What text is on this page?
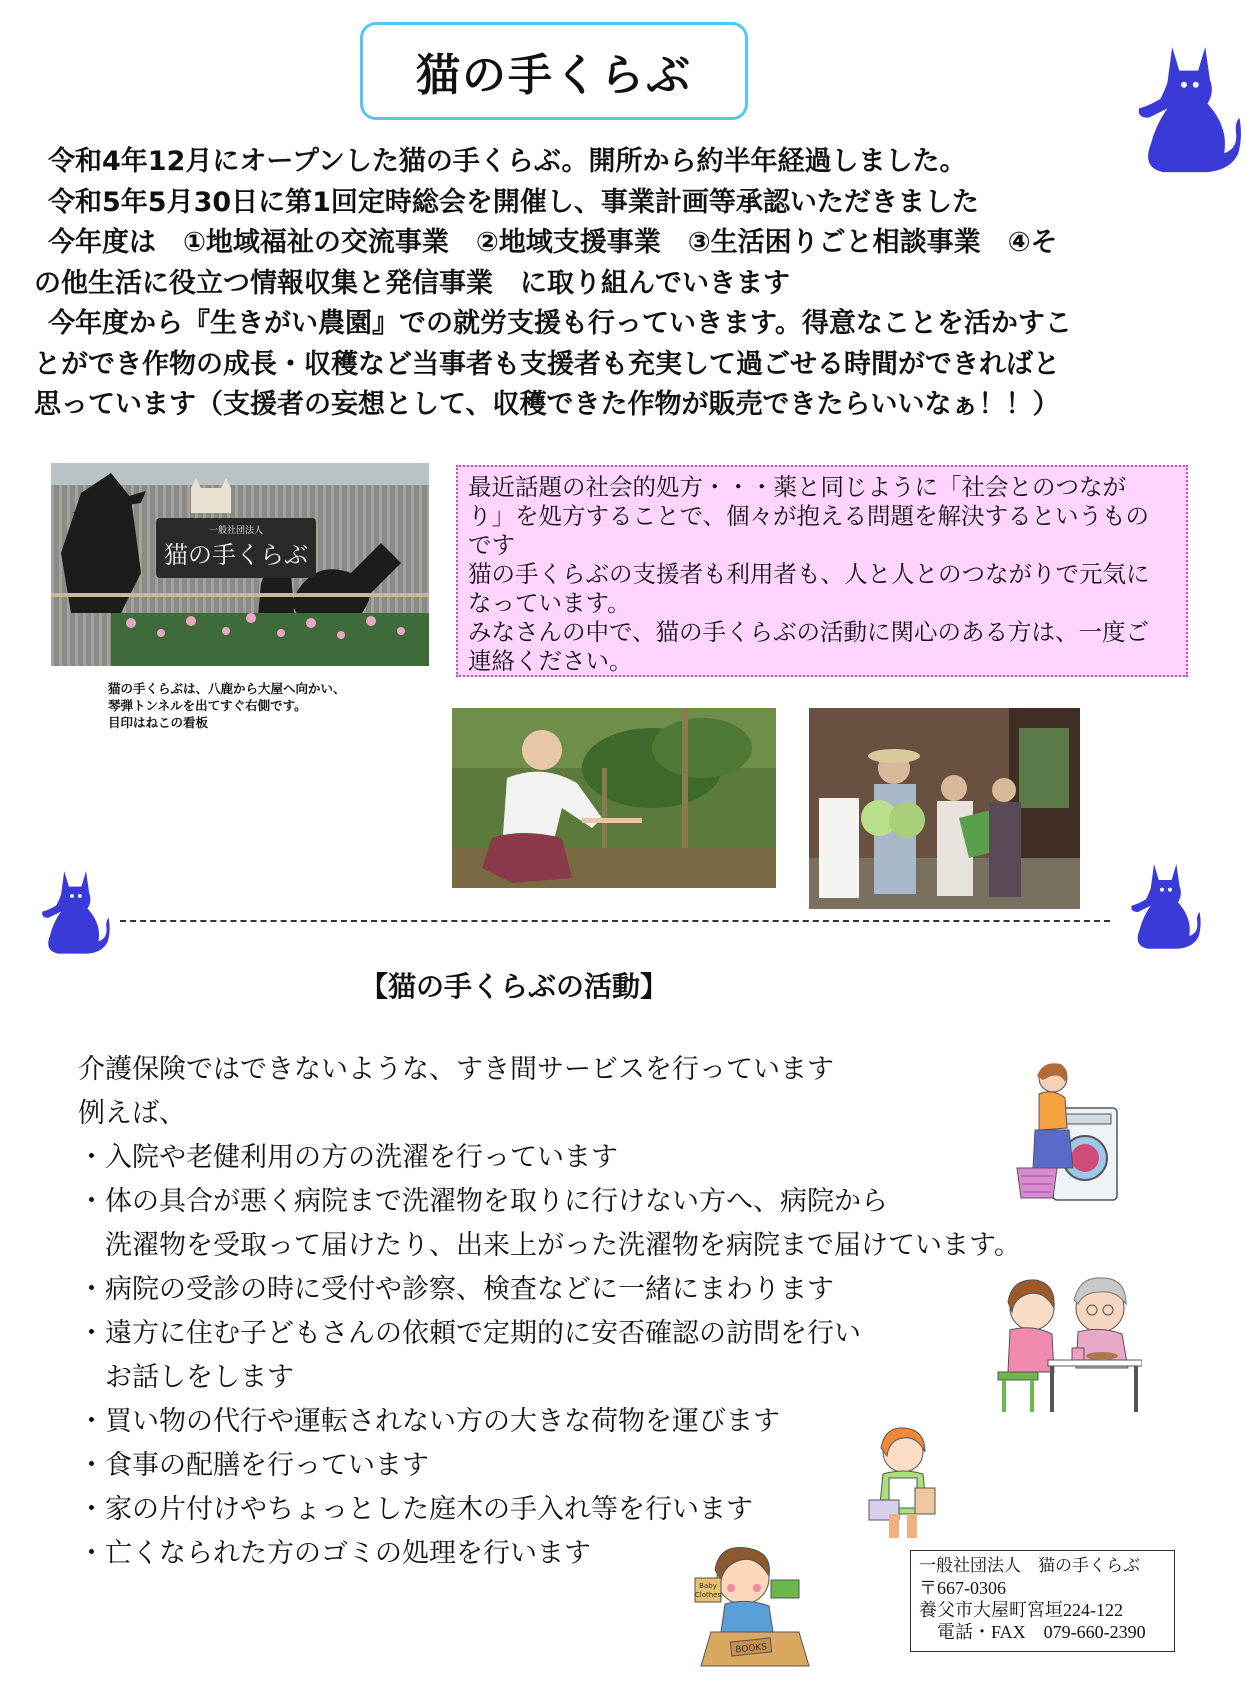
猫の手くらぶ

令和4年12月にオープンした猫の手くらぶ。開所から約半年経過しました。

令和5年5月30日に第1回定時総会を開催し、事業計画等承認いただきました

今年度は　①地域福祉の交流事業　②地域支援事業　③生活困りごと相談事業　④そ

の他生活に役立つ情報収集と発信事業　に取り組んでいきます

今年度から『生きがい農園』での就労支援も行っていきます。得意なことを活かすこ

とができ作物の成長・収穫など当事者も支援者も充実して過ごせる時間ができればと

思っています（支援者の妄想として、収穫できた作物が販売できたらいいなぁ！！）

一般社団法人
猫の手くらぶ
猫の手くらぶは、八鹿から大屋へ向かい、
琴弾トンネルを出てすぐ右側です。
目印はねこの看板

最近話題の社会的処方・・・薬と同じように「社会とのつなが

り」を処方することで、個々が抱える問題を解決するというもの

です

猫の手くらぶの支援者も利用者も、人と人とのつながりで元気に

なっています。

みなさんの中で、猫の手くらぶの活動に関心のある方は、一度ご

連絡ください。

【猫の手くらぶの活動】
介護保険ではできないような、すき間サービスを行っています
例えば、
・入院や老健利用の方の洗濯を行っています
・体の具合が悪く病院まで洗濯物を取りに行けない方へ、病院から
　洗濯物を受取って届けたり、出来上がった洗濯物を病院まで届けています。
・病院の受診の時に受付や診察、検査などに一緒にまわります
・遠方に住む子どもさんの依頼で定期的に安否確認の訪問を行い
　お話しをします
・買い物の代行や運転されない方の大きな荷物を運びます
・食事の配膳を行っています
・家の片付けやちょっとした庭木の手入れ等を行います
・亡くなられた方のゴミの処理を行います
Baby
Clothes
BOOKS
一般社団法人　猫の手くらぶ
〒667-0306
養父市大屋町宮垣224-122
　電話・FAX　079-660-2390
